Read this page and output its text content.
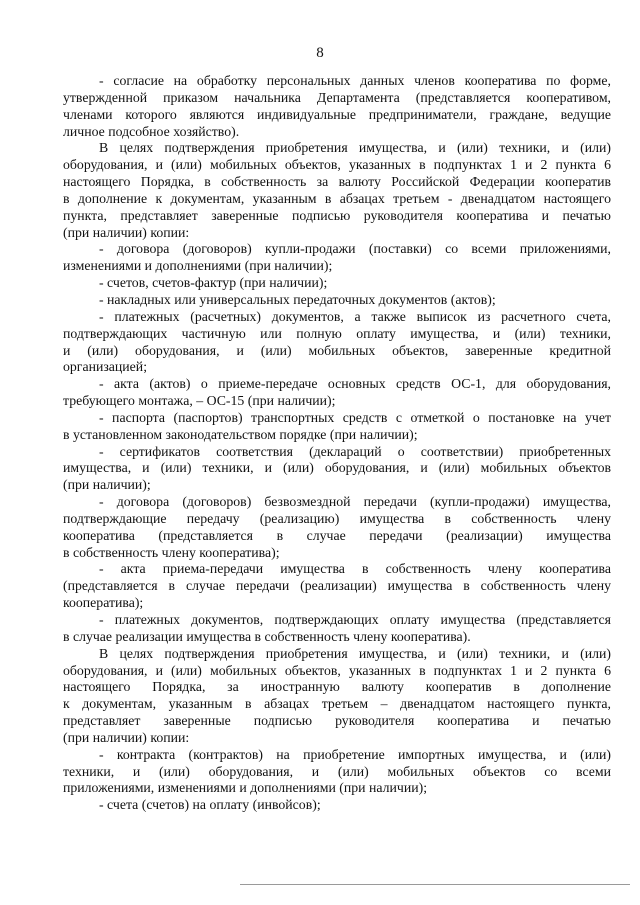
8
- согласие на обработку персональных данных членов кооператива по форме,
утвержденной приказом начальника Департамента (представляется кооперативом,
членами которого являются индивидуальные предприниматели, граждане, ведущие
личное подсобное хозяйство).
В целях подтверждения приобретения имущества, и (или) техники, и (или)
оборудования, и (или) мобильных объектов, указанных в подпунктах 1 и 2 пункта 6
настоящего Порядка, в собственность за валюту Российской Федерации кооператив
в дополнение к документам, указанным в абзацах третьем - двенадцатом настоящего
пункта, представляет заверенные подписью руководителя кооператива и печатью
(при наличии) копии:
- договора (договоров) купли-продажи (поставки) со всеми приложениями,
изменениями и дополнениями (при наличии);
- счетов, счетов-фактур (при наличии);
- накладных или универсальных передаточных документов (актов);
- платежных (расчетных) документов, а также выписок из расчетного счета,
подтверждающих частичную или полную оплату имущества, и (или) техники,
и (или) оборудования, и (или) мобильных объектов, заверенные кредитной
организацией;
- акта (актов) о приеме-передаче основных средств ОС-1, для оборудования,
требующего монтажа, – ОС-15 (при наличии);
- паспорта (паспортов) транспортных средств с отметкой о постановке на учет
в установленном законодательством порядке (при наличии);
- сертификатов соответствия (деклараций о соответствии) приобретенных
имущества, и (или) техники, и (или) оборудования, и (или) мобильных объектов
(при наличии);
- договора (договоров) безвозмездной передачи (купли-продажи) имущества,
подтверждающие передачу (реализацию) имущества в собственность члену
кооператива (представляется в случае передачи (реализации) имущества
в собственность члену кооператива);
- акта приема-передачи имущества в собственность члену кооператива
(представляется в случае передачи (реализации) имущества в собственность члену
кооператива);
- платежных документов, подтверждающих оплату имущества (представляется
в случае реализации имущества в собственность члену кооператива).
В целях подтверждения приобретения имущества, и (или) техники, и (или)
оборудования, и (или) мобильных объектов, указанных в подпунктах 1 и 2 пункта 6
настоящего Порядка, за иностранную валюту кооператив в дополнение
к документам, указанным в абзацах третьем – двенадцатом настоящего пункта,
представляет заверенные подписью руководителя кооператива и печатью
(при наличии) копии:
- контракта (контрактов) на приобретение импортных имущества, и (или)
техники, и (или) оборудования, и (или) мобильных объектов со всеми
приложениями, изменениями и дополнениями (при наличии);
- счета (счетов) на оплату (инвойсов);
